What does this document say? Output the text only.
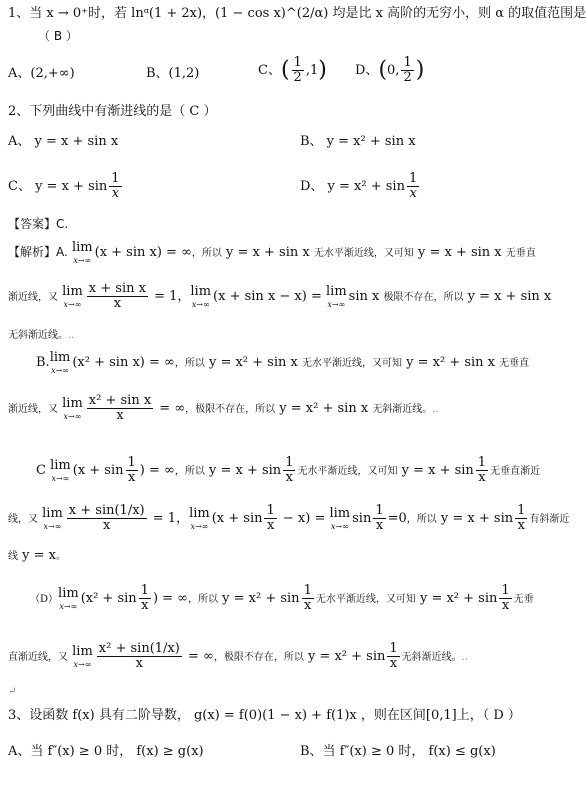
1、当 x → 0⁺时，若 lnᵅ(1 + 2x)，(1 − cos x)^(2/α) 均是比 x 高阶的无穷小，则 α 的取值范围是
（ B ）
A、(2,+∞)	B、(1,2)	C、( $\frac{1}{2} ,1$) D、(0, $\frac{1}{2}$ )
2、下列曲线中有渐进线的是（ C ）
A、 y = x + sin x	B、 y = x² + sin x
C、 $y = x + \sin \frac{1}{x}$	D、 $y = x^2 + \sin \frac{1}{x}$
【答案】C.
【解析】A. lim
x→∞
(x + sin x) = ∞，所以 y = x + sin x 无水平渐近线，又可知 y = x + sin x 无垂直
渐近线，又 lim
$x\to\infty \frac{\text{x + sin x}}{x} = 1$， lim
x→∞
(x + sin x − x) = lim
x→∞
sin x 极限不存在，所以 y = x + sin x
无斜渐近线。..
B. lim
x→∞
(x² + sin x) = ∞，所以 y = x² + sin x 无水平渐近线，又可知 y = x² + sin x 无垂直
渐近线，又 lim
$x\to\infty \frac{\text{x² + sin x}}{x}$ = ∞，极限不存在，所以 y = x² + sin x 无斜渐近线。..
C lim
x→∞
($x + \sin \frac{1}{x}$ ) = ∞，所以 $y = x + \sin \frac{1}{x}$ 无水平渐近线，又可知 $y = x + \sin \frac{1}{x}$ 无垂直渐近
线，又 lim
$x\to\infty \frac{x + \sin(1/x)}{x} = 1$， lim
x→∞
$(x + \sin \frac{1}{x} - x) = \lim$
x→∞
$\sin \frac{1}{x} =0$，所以 $y = x + \sin \frac{1}{x}$ 有斜渐近
线 y = x。
（D） lim
x→∞
($x^2 + \sin \frac{1}{x}$ ) = ∞，所以 $y = x^2 + \sin \frac{1}{x}$ 无水平渐近线，又可知 $y = x^2 + \sin \frac{1}{x}$ 无垂
直渐近线，又 lim
$x\to\infty \frac{\text{x² + sin(1/x)}}{x}$ = ∞，极限不存在，所以 $y = x^2 + \sin \frac{1}{x}$ 无斜渐近线。..
↵
3、设函数 f(x) 具有二阶导数， g(x) = f(0)(1 − x) + f(1)x ，则在区间[0,1]上，（ D ）
A、当 f″(x) ≥ 0 时， f(x) ≥ g(x)	B、当 f″(x) ≥ 0 时， f(x) ≤ g(x)
